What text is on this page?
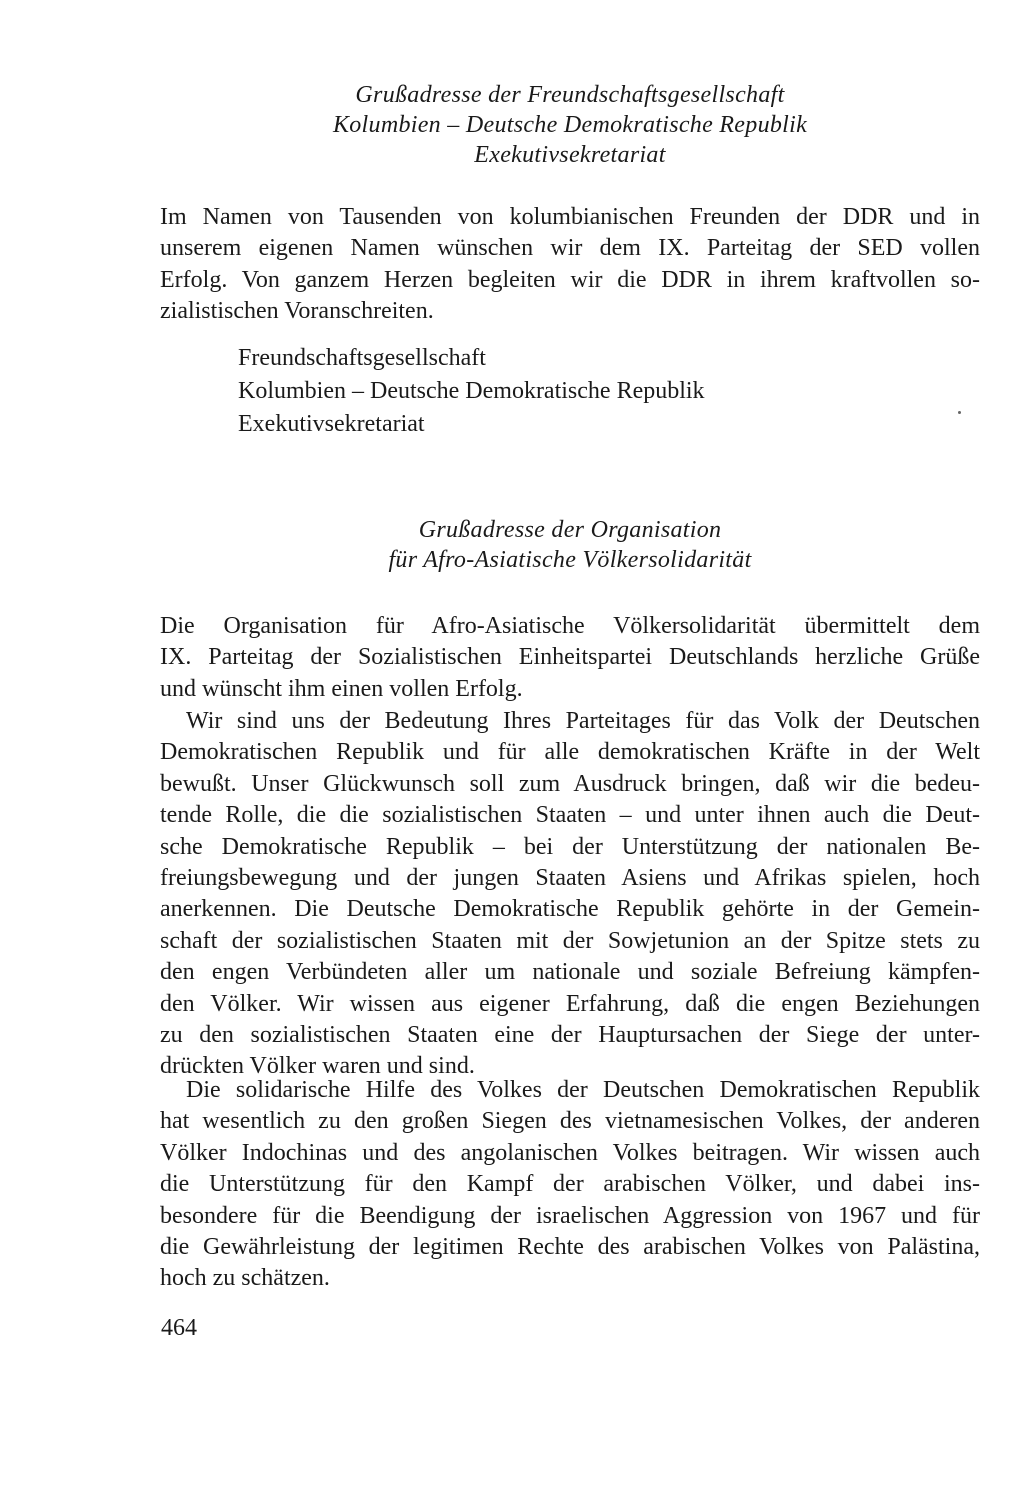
Grußadresse der Freundschaftsgesellschaft
Kolumbien – Deutsche Demokratische Republik
Exekutivsekretariat
Im Namen von Tausenden von kolumbianischen Freunden der DDR und in
unserem eigenen Namen wünschen wir dem IX. Parteitag der SED vollen
Erfolg. Von ganzem Herzen begleiten wir die DDR in ihrem kraftvollen so-
zialistischen Voranschreiten.
Freundschaftsgesellschaft
Kolumbien – Deutsche Demokratische Republik
Exekutivsekretariat
Grußadresse der Organisation
für Afro-Asiatische Völkersolidarität
Die Organisation für Afro-Asiatische Völkersolidarität übermittelt dem
IX. Parteitag der Sozialistischen Einheitspartei Deutschlands herzliche Grüße
und wünscht ihm einen vollen Erfolg.
Wir sind uns der Bedeutung Ihres Parteitages für das Volk der Deutschen
Demokratischen Republik und für alle demokratischen Kräfte in der Welt
bewußt. Unser Glückwunsch soll zum Ausdruck bringen, daß wir die bedeu-
tende Rolle, die die sozialistischen Staaten – und unter ihnen auch die Deut-
sche Demokratische Republik – bei der Unterstützung der nationalen Be-
freiungsbewegung und der jungen Staaten Asiens und Afrikas spielen, hoch
anerkennen. Die Deutsche Demokratische Republik gehörte in der Gemein-
schaft der sozialistischen Staaten mit der Sowjetunion an der Spitze stets zu
den engen Verbündeten aller um nationale und soziale Befreiung kämpfen-
den Völker. Wir wissen aus eigener Erfahrung, daß die engen Beziehungen
zu den sozialistischen Staaten eine der Hauptursachen der Siege der unter-
drückten Völker waren und sind.
Die solidarische Hilfe des Volkes der Deutschen Demokratischen Republik
hat wesentlich zu den großen Siegen des vietnamesischen Volkes, der anderen
Völker Indochinas und des angolanischen Volkes beitragen. Wir wissen auch
die Unterstützung für den Kampf der arabischen Völker, und dabei ins-
besondere für die Beendigung der israelischen Aggression von 1967 und für
die Gewährleistung der legitimen Rechte des arabischen Volkes von Palästina,
hoch zu schätzen.
464
